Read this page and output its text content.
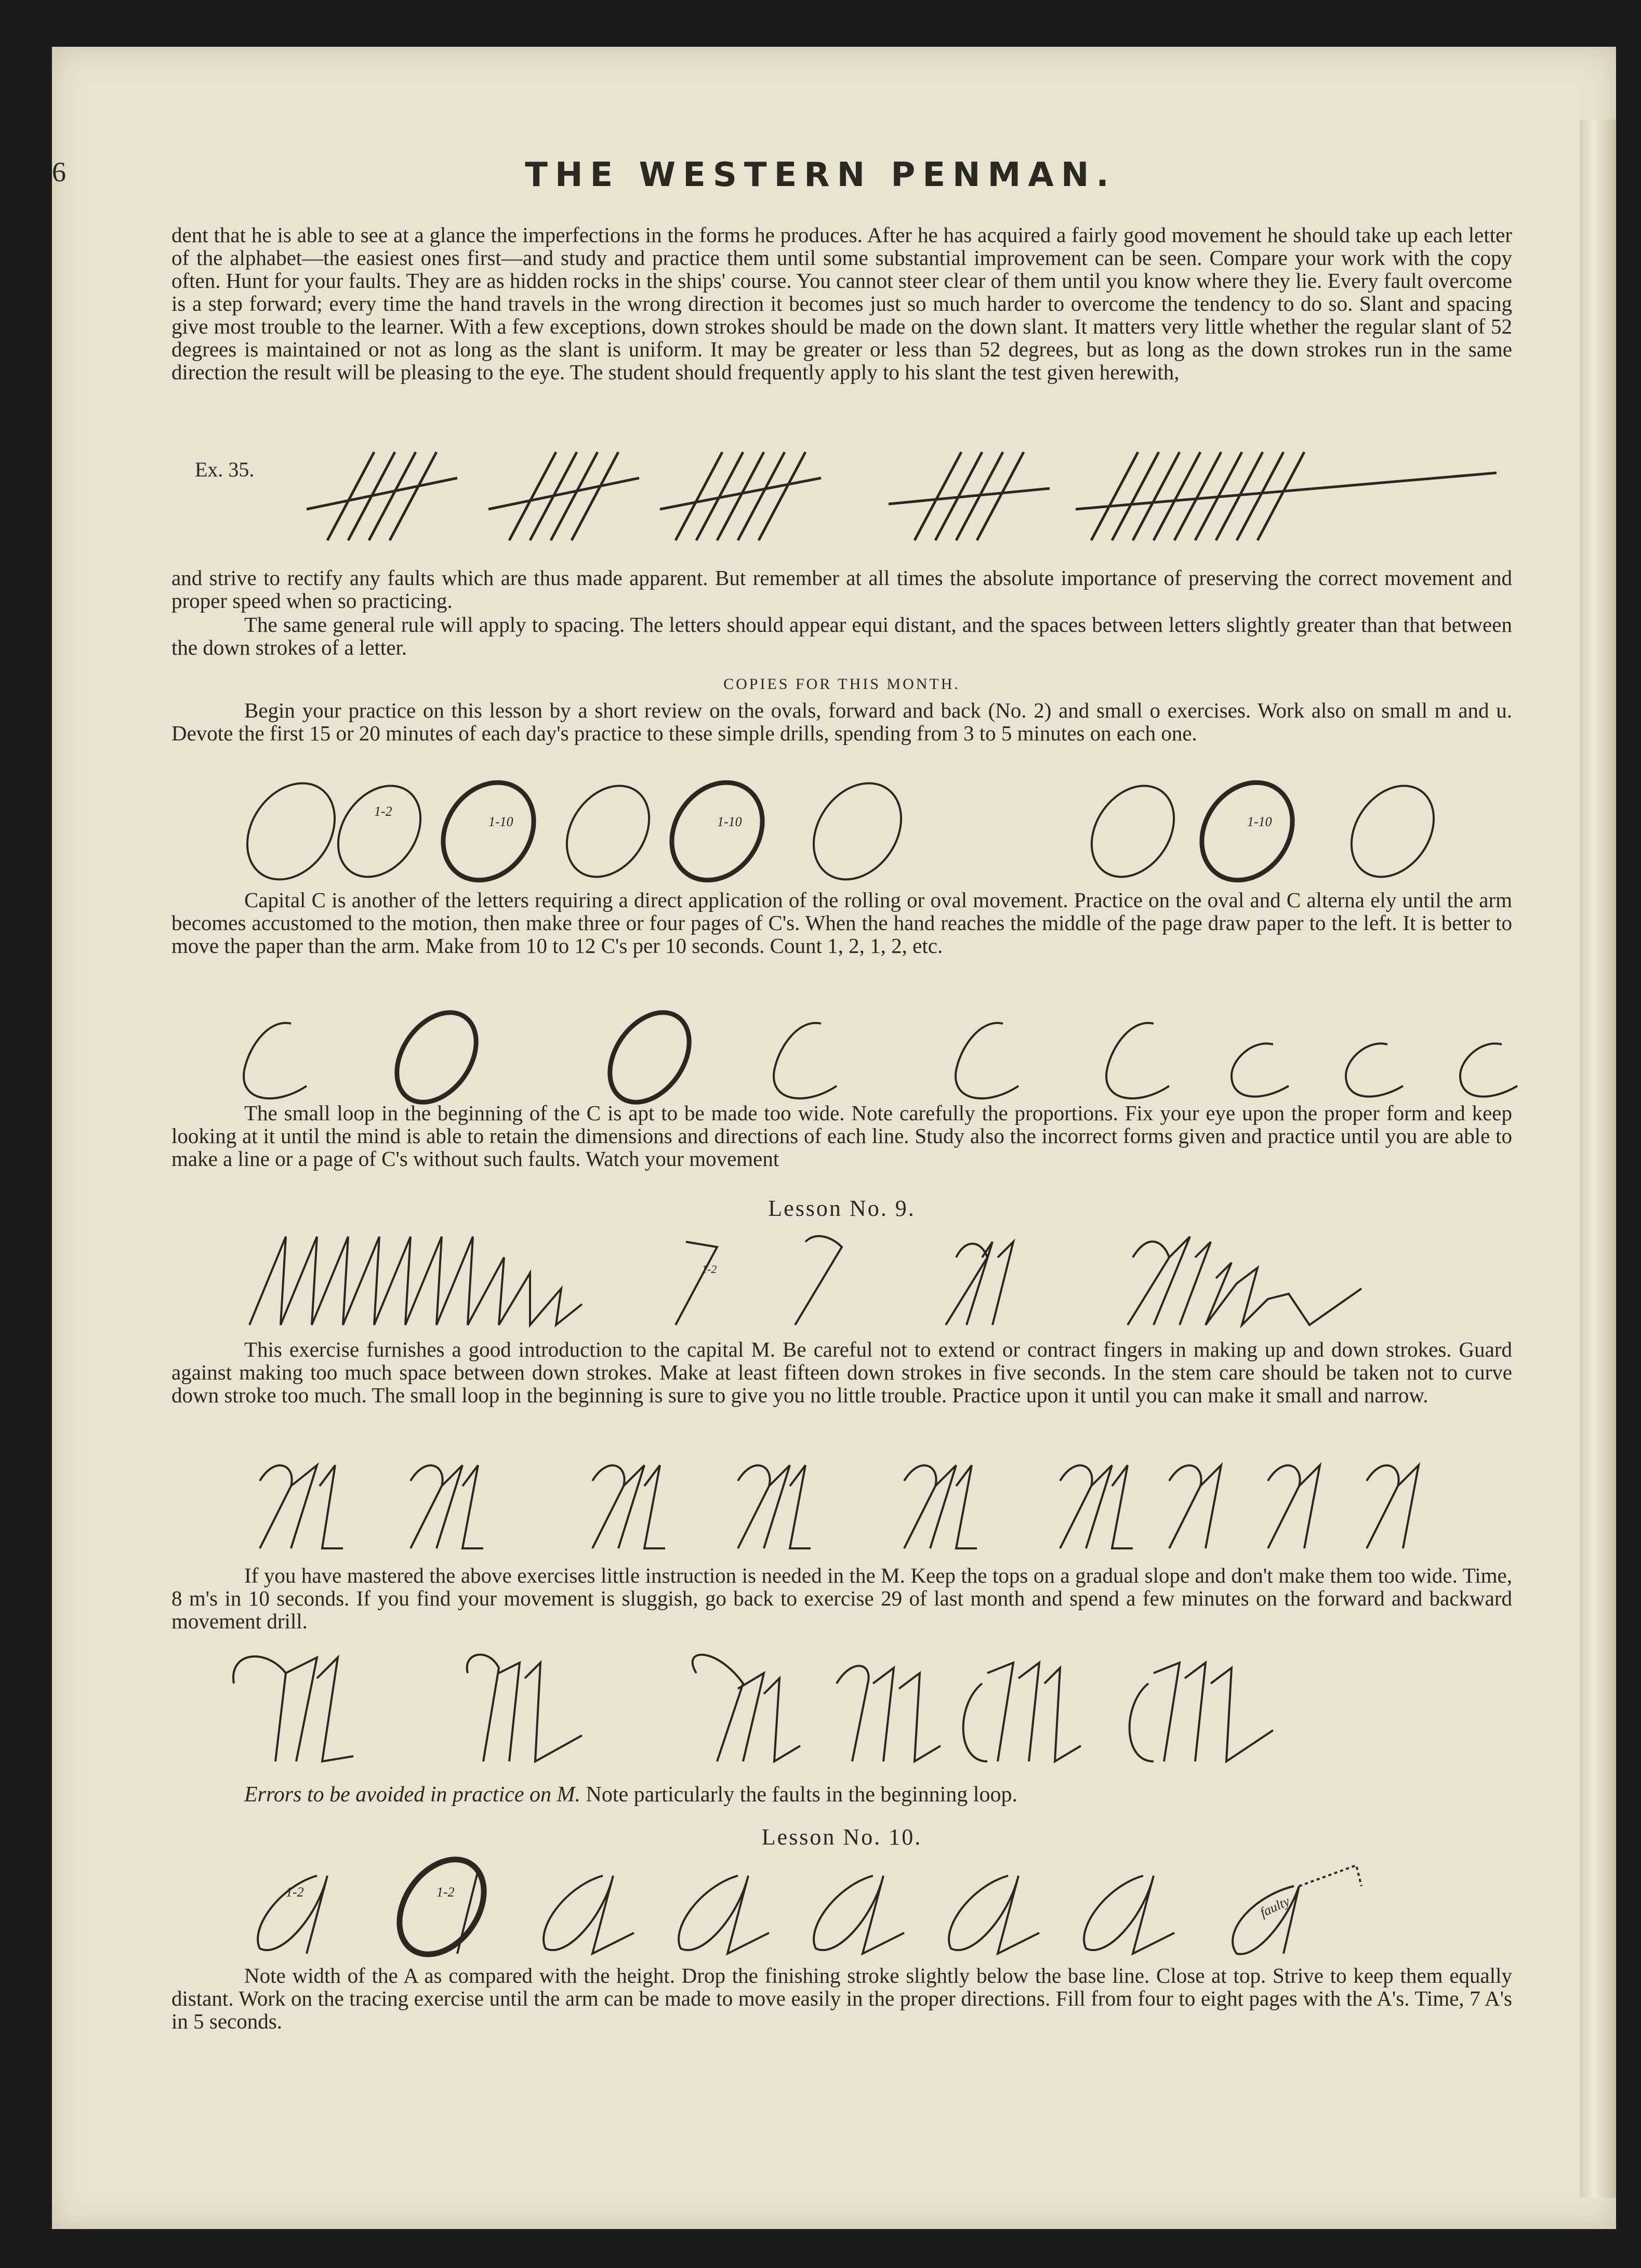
6	THE WESTERN PENMAN.
dent that he is able to see at a glance the imperfections in the forms he produces. After he has acquired a fairly good movement he should take up each letter of the alphabet—the easiest ones first—and study and practice them until some substantial improvement can be seen. Compare your work with the copy often. Hunt for your faults. They are as hidden rocks in the ships' course. You cannot steer clear of them until you know where they lie. Every fault overcome is a step forward; every time the hand travels in the wrong direction it becomes just so much harder to overcome the tendency to do so. Slant and spacing give most trouble to the learner. With a few exceptions, down strokes should be made on the down slant. It matters very little whether the regular slant of 52 degrees is maintained or not as long as the slant is uniform. It may be greater or less than 52 degrees, but as long as the down strokes run in the same direction the result will be pleasing to the eye. The student should frequently apply to his slant the test given herewith,
Ex. 35.
and strive to rectify any faults which are thus made apparent. But remember at all times the absolute importance of preserving the correct movement and proper speed when so practicing.
The same general rule will apply to spacing. The letters should appear equi distant, and the spaces between letters slightly greater than that between the down strokes of a letter.
COPIES FOR THIS MONTH.
Begin your practice on this lesson by a short review on the ovals, forward and back (No. 2) and small o exercises. Work also on small m and u. Devote the first 15 or 20 minutes of each day's practice to these simple drills, spending from 3 to 5 minutes on each one.
1-2
1-10	1-10	1-10
Capital C is another of the letters requiring a direct application of the rolling or oval movement. Practice on the oval and C alterna ely until the arm becomes accustomed to the motion, then make three or four pages of C's. When the hand reaches the middle of the page draw paper to the left. It is better to move the paper than the arm. Make from 10 to 12 C's per 10 seconds. Count 1, 2, 1, 2, etc.
The small loop in the beginning of the C is apt to be made too wide. Note carefully the proportions. Fix your eye upon the proper form and keep looking at it until the mind is able to retain the dimensions and directions of each line. Study also the incorrect forms given and practice until you are able to make a line or a page of C's without such faults. Watch your movement
Lesson No. 9.
1-2
This exercise furnishes a good introduction to the capital M. Be careful not to extend or contract fingers in making up and down strokes. Guard against making too much space between down strokes. Make at least fifteen down strokes in five seconds. In the stem care should be taken not to curve down stroke too much. The small loop in the beginning is sure to give you no little trouble. Practice upon it until you can make it small and narrow.
If you have mastered the above exercises little instruction is needed in the M. Keep the tops on a gradual slope and don't make them too wide. Time, 8 m's in 10 seconds. If you find your movement is sluggish, go back to exercise 29 of last month and spend a few minutes on the forward and backward movement drill.
Errors to be avoided in practice on M. Note particularly the faults in the beginning loop.
Lesson No. 10.
1-2	1-2
faulty
Note width of the A as compared with the height. Drop the finishing stroke slightly below the base line. Close at top. Strive to keep them equally distant. Work on the tracing exercise until the arm can be made to move easily in the proper directions. Fill from four to eight pages with the A's. Time, 7 A's in 5 seconds.
